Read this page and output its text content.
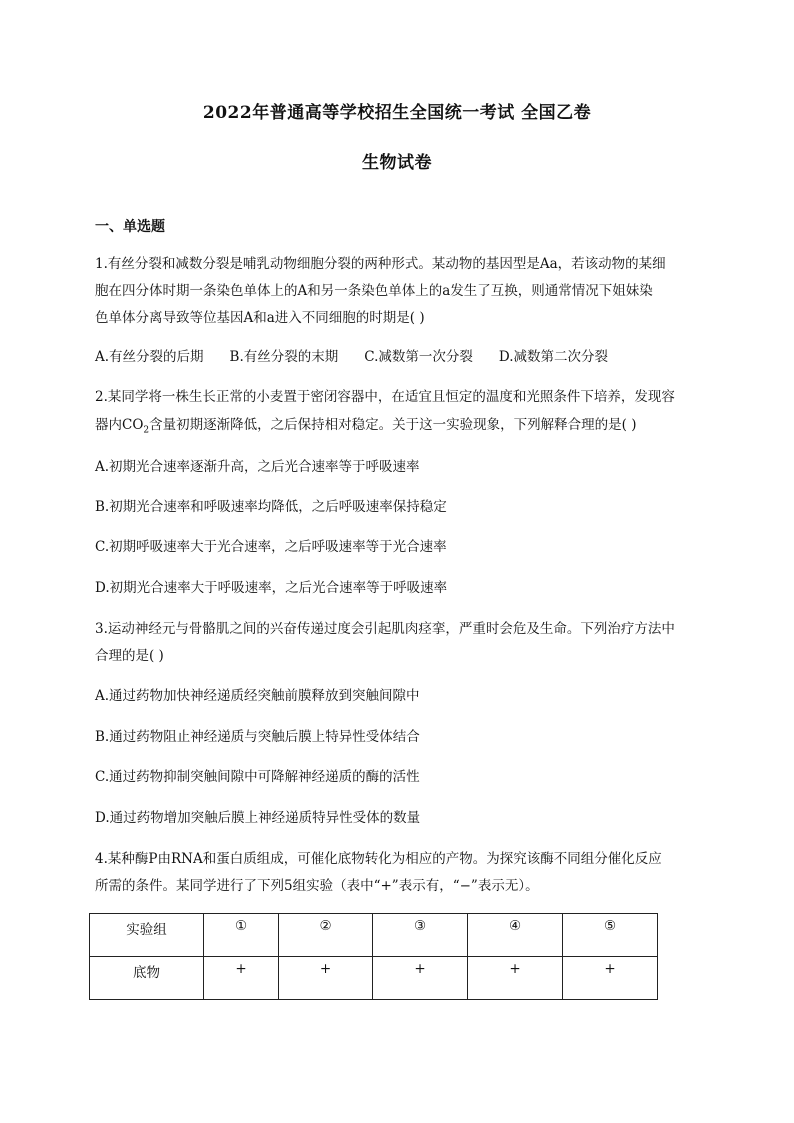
2022年普通高等学校招生全国统一考试 全国乙卷
生物试卷
一、单选题
1.有丝分裂和减数分裂是哺乳动物细胞分裂的两种形式。某动物的基因型是Aa，若该动物的某细
胞在四分体时期一条染色单体上的A和另一条染色单体上的a发生了互换，则通常情况下姐妹染
色单体分离导致等位基因A和a进入不同细胞的时期是( )
A.有丝分裂的后期 B.有丝分裂的末期 C.减数第一次分裂 D.减数第二次分裂
2.某同学将一株生长正常的小麦置于密闭容器中，在适宜且恒定的温度和光照条件下培养，发现容
器内$CO_2$含量初期逐渐降低，之后保持相对稳定。关于这一实验现象，下列解释合理的是( )
A.初期光合速率逐渐升高，之后光合速率等于呼吸速率
B.初期光合速率和呼吸速率均降低，之后呼吸速率保持稳定
C.初期呼吸速率大于光合速率，之后呼吸速率等于光合速率
D.初期光合速率大于呼吸速率，之后光合速率等于呼吸速率
3.运动神经元与骨骼肌之间的兴奋传递过度会引起肌肉痉挛，严重时会危及生命。下列治疗方法中
合理的是( )
A.通过药物加快神经递质经突触前膜释放到突触间隙中
B.通过药物阻止神经递质与突触后膜上特异性受体结合
C.通过药物抑制突触间隙中可降解神经递质的酶的活性
D.通过药物增加突触后膜上神经递质特异性受体的数量
4.某种酶P由RNA和蛋白质组成，可催化底物转化为相应的产物。为探究该酶不同组分催化反应
所需的条件。某同学进行了下列5组实验（表中“+”表示有，“−”表示无）。
实验组	①	②	③	④	⑤
底物	+	+	+	+	+
